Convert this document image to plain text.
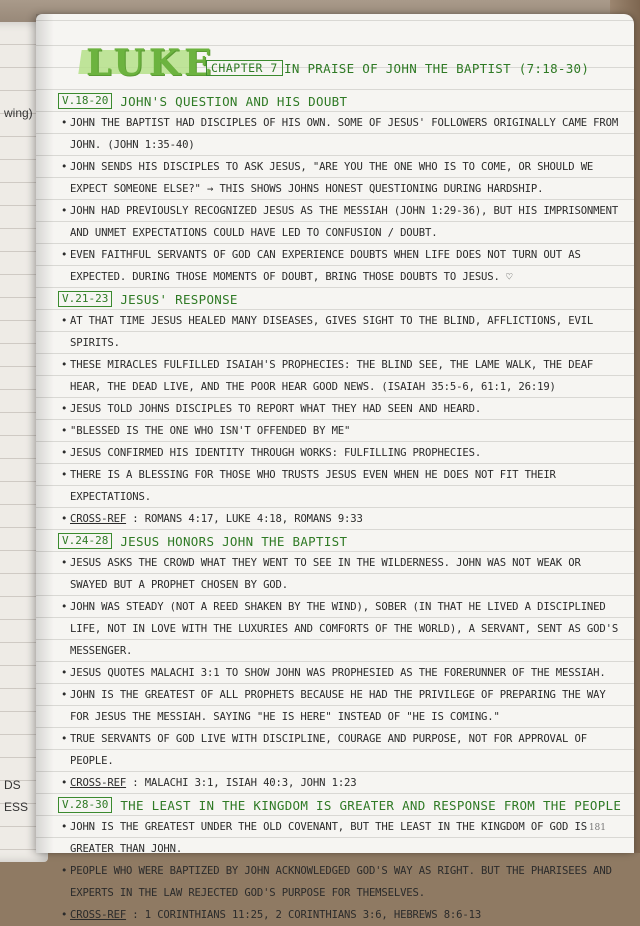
wing)
DS
ESS
LUKE
CHAPTER 7 IN PRAISE OF JOHN THE BAPTIST (7:18-30)
V.18-20 JOHN'S QUESTION AND HIS DOUBT

• JOHN THE BAPTIST HAD DISCIPLES OF HIS OWN. SOME OF JESUS' FOLLOWERS ORIGINALLY CAME FROM JOHN. (JOHN 1:35-40)

• JOHN SENDS HIS DISCIPLES TO ASK JESUS, "ARE YOU THE ONE WHO IS TO COME, OR SHOULD WE EXPECT SOMEONE ELSE?" → THIS SHOWS JOHNS HONEST QUESTIONING DURING HARDSHIP.

• JOHN HAD PREVIOUSLY RECOGNIZED JESUS AS THE MESSIAH (JOHN 1:29-36), BUT HIS IMPRISONMENT AND UNMET EXPECTATIONS COULD HAVE LED TO CONFUSION / DOUBT.

• EVEN FAITHFUL SERVANTS OF GOD CAN EXPERIENCE DOUBTS WHEN LIFE DOES NOT TURN OUT AS EXPECTED. DURING THOSE MOMENTS OF DOUBT, BRING THOSE DOUBTS TO JESUS. ♡

V.21-23 JESUS' RESPONSE

• AT THAT TIME JESUS HEALED MANY DISEASES, GIVES SIGHT TO THE BLIND, AFFLICTIONS, EVIL SPIRITS.

• THESE MIRACLES FULFILLED ISAIAH'S PROPHECIES: THE BLIND SEE, THE LAME WALK, THE DEAF HEAR, THE DEAD LIVE, AND THE POOR HEAR GOOD NEWS. (ISAIAH 35:5-6, 61:1, 26:19)

• JESUS TOLD JOHNS DISCIPLES TO REPORT WHAT THEY HAD SEEN AND HEARD.

• "BLESSED IS THE ONE WHO ISN'T OFFENDED BY ME"

• JESUS CONFIRMED HIS IDENTITY THROUGH WORKS: FULFILLING PROPHECIES.

• THERE IS A BLESSING FOR THOSE WHO TRUSTS JESUS EVEN WHEN HE DOES NOT FIT THEIR EXPECTATIONS.

• CROSS-REF : ROMANS 4:17, LUKE 4:18, ROMANS 9:33

V.24-28 JESUS HONORS JOHN THE BAPTIST

• JESUS ASKS THE CROWD WHAT THEY WENT TO SEE IN THE WILDERNESS. JOHN WAS NOT WEAK OR SWAYED BUT A PROPHET CHOSEN BY GOD.

• JOHN WAS STEADY (NOT A REED SHAKEN BY THE WIND), SOBER (IN THAT HE LIVED A DISCIPLINED LIFE, NOT IN LOVE WITH THE LUXURIES AND COMFORTS OF THE WORLD), A SERVANT, SENT AS GOD'S MESSENGER.

• JESUS QUOTES MALACHI 3:1 TO SHOW JOHN WAS PROPHESIED AS THE FORERUNNER OF THE MESSIAH.

• JOHN IS THE GREATEST OF ALL PROPHETS BECAUSE HE HAD THE PRIVILEGE OF PREPARING THE WAY FOR JESUS THE MESSIAH. SAYING "HE IS HERE" INSTEAD OF "HE IS COMING."

• TRUE SERVANTS OF GOD LIVE WITH DISCIPLINE, COURAGE AND PURPOSE, NOT FOR APPROVAL OF PEOPLE.

• CROSS-REF : MALACHI 3:1, ISIAH 40:3, JOHN 1:23

V.28-30 THE LEAST IN THE KINGDOM IS GREATER AND RESPONSE FROM THE PEOPLE

• JOHN IS THE GREATEST UNDER THE OLD COVENANT, BUT THE LEAST IN THE KINGDOM OF GOD IS GREATER THAN JOHN.

• PEOPLE WHO WERE BAPTIZED BY JOHN ACKNOWLEDGED GOD'S WAY AS RIGHT. BUT THE PHARISEES AND EXPERTS IN THE LAW REJECTED GOD'S PURPOSE FOR THEMSELVES.

• CROSS-REF : 1 CORINTHIANS 11:25, 2 CORINTHIANS 3:6, HEBREWS 8:6-13

181
